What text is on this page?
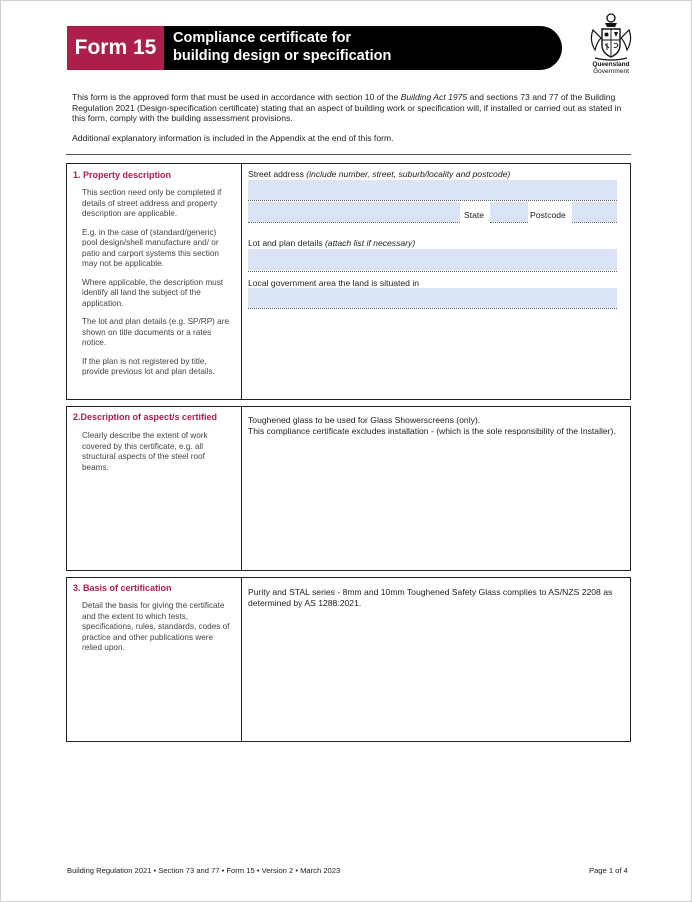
Form 15	Compliance certificate for
building design or specification
Queensland
Government
This form is the approved form that must be used in accordance with section 10 of the Building Act 1975 and sections 73 and 77 of the Building Regulation 2021 (Design-specification certificate) stating that an aspect of building work or specification will, if installed or carried out as stated in this form, comply with the building assessment provisions.
Additional explanatory information is included in the Appendix at the end of this form.
1. Property description

This section need only be completed if details of street address and property description are applicable.

E.g. in the case of (standard/generic) pool design/shell manufacture and/ or patio and carport systems this section may not be applicable.

Where applicable, the description must identify all land the subject of the application.

The lot and plan details (e.g. SP/RP) are shown on title documents or a rates notice.

If the plan is not registered by title, provide previous lot and plan details.

Street address (include number, street, suburb/locality and postcode)
State	Postcode
Lot and plan details (attach list if necessary)
Local government area the land is situated in
2.Description of aspect/s certified
Clearly describe the extent of work covered by this certificate, e.g. all structural aspects of the steel roof beams.
Toughened glass to be used for Glass Showerscreens (only).
This compliance certificate excludes installation - (which is the sole responsibility of the Installer).
3. Basis of certification
Detail the basis for giving the certificate and the extent to which tests, specifications, rules, standards, codes of practice and other publications were relied upon.
Purity and STAL series - 8mm and 10mm Toughened Safety Glass complies to AS/NZS 2208 as determined by AS 1288:2021.
Building Regulation 2021 • Section 73 and 77 • Form 15 • Version 2 • March 2023	Page 1 of 4
